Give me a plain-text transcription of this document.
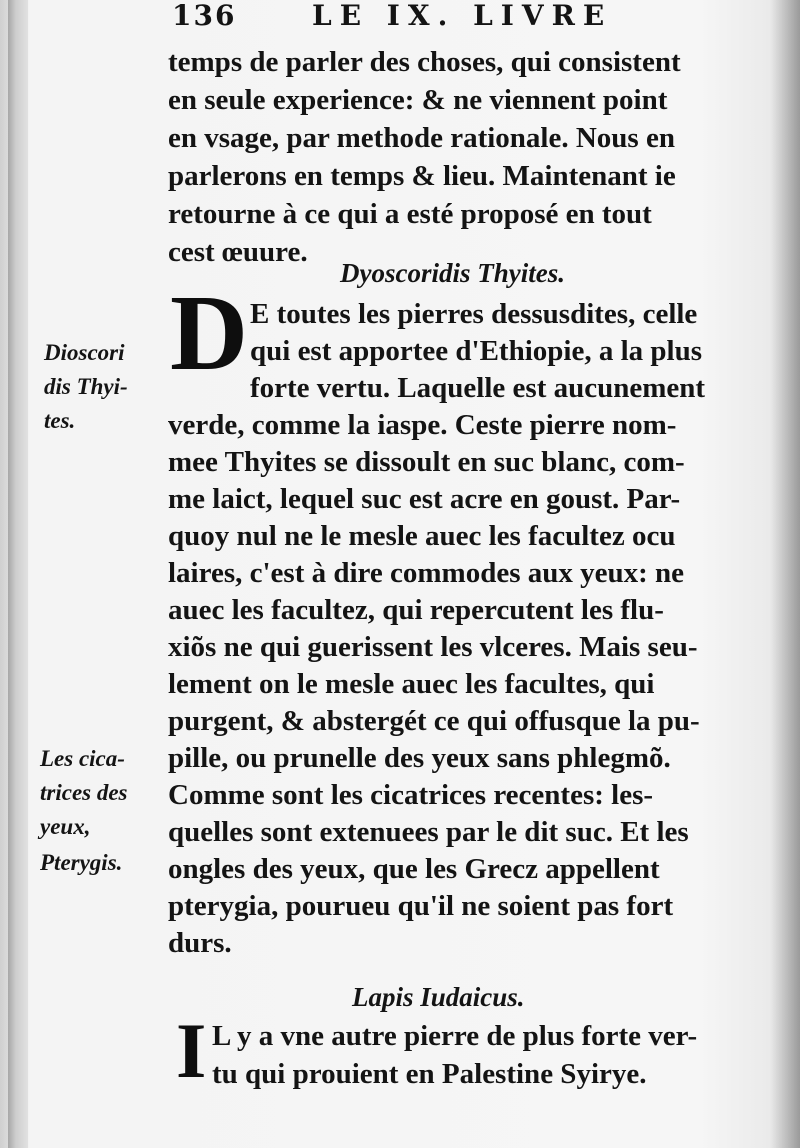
136	LE IX. LIVRE
temps de parler des choses, qui consistent
en seule experience: & ne viennent point
en vsage, par methode rationale. Nous en
parlerons en temps & lieu. Maintenant ie
retourne à ce qui a esté proposé en tout
cest œuure.
Dyoscoridis Thyites.
D E toutes les pierres dessusdites, celle
qui est apportee d'Ethiopie, a la plus
forte vertu. Laquelle est aucunement
verde, comme la iaspe. Ceste pierre nom-
mee Thyites se dissoult en suc blanc, com-
me laict, lequel suc est acre en goust. Par-
quoy nul ne le mesle auec les facultez ocu
laires, c'est à dire commodes aux yeux: ne
auec les facultez, qui repercutent les flu-
xiõs ne qui guerissent les vlceres. Mais seu-
lement on le mesle auec les facultes, qui
purgent, & abstergét ce qui offusque la pu-
pille, ou prunelle des yeux sans phlegmõ.
Comme sont les cicatrices recentes: les-
quelles sont extenuees par le dit suc. Et les
ongles des yeux, que les Grecz appellent
pterygia, pourueu qu'il ne soient pas fort
durs.
Dioscori
dis Thyi-
tes.
Les cica-
trices des
yeux,
Pterygis.
Lapis Iudaicus.
I L y a vne autre pierre de plus forte ver-
tu qui prouient en Palestine Syirye.
